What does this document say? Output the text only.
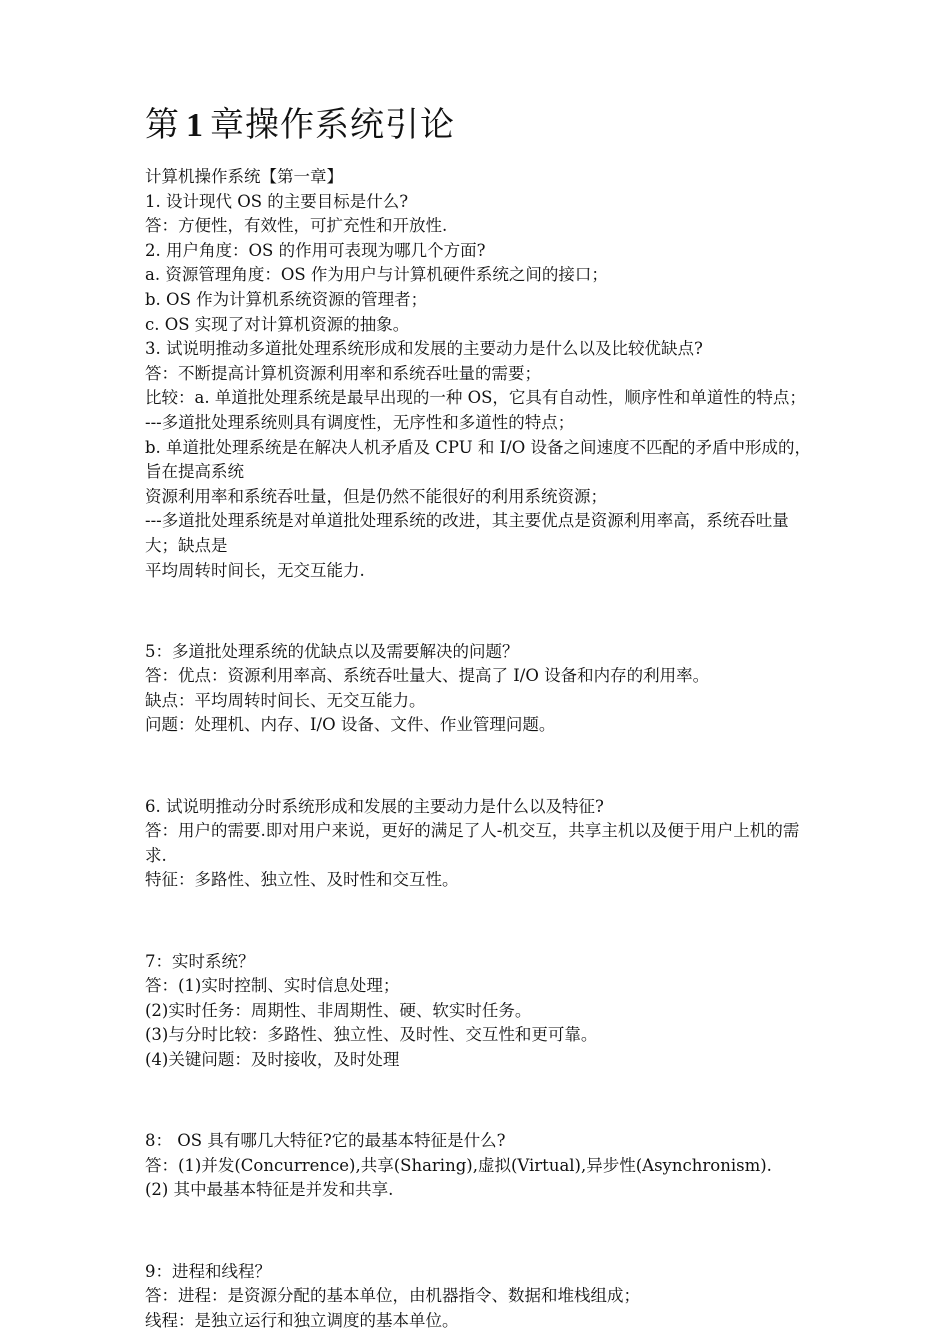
第 1 章操作系统引论

计算机操作系统【第一章】

1. 设计现代 OS 的主要目标是什么?

答：方便性，有效性，可扩充性和开放性.

2. 用户角度：OS 的作用可表现为哪几个方面?

a. 资源管理角度：OS 作为用户与计算机硬件系统之间的接口；

b. OS 作为计算机系统资源的管理者；

c. OS 实现了对计算机资源的抽象。

3. 试说明推动多道批处理系统形成和发展的主要动力是什么以及比较优缺点?

答：不断提高计算机资源利用率和系统吞吐量的需要；

比较：a. 单道批处理系统是最早出现的一种 OS，它具有自动性，顺序性和单道性的特点；

---多道批处理系统则具有调度性，无序性和多道性的特点；

b. 单道批处理系统是在解决人机矛盾及 CPU 和 I/O 设备之间速度不匹配的矛盾中形成的，旨在提高系统

资源利用率和系统吞吐量，但是仍然不能很好的利用系统资源；

---多道批处理系统是对单道批处理系统的改进，其主要优点是资源利用率高，系统吞吐量大；缺点是

平均周转时间长，无交互能力.

5：多道批处理系统的优缺点以及需要解决的问题？

答：优点：资源利用率高、系统吞吐量大、提高了 I/O 设备和内存的利用率。

缺点：平均周转时间长、无交互能力。

问题：处理机、内存、I/O 设备、文件、作业管理问题。

6. 试说明推动分时系统形成和发展的主要动力是什么以及特征?

答：用户的需要.即对用户来说，更好的满足了人-机交互，共享主机以及便于用户上机的需求.

特征：多路性、独立性、及时性和交互性。

7：实时系统？

答：(1)实时控制、实时信息处理；

(2)实时任务：周期性、非周期性、硬、软实时任务。

(3)与分时比较：多路性、独立性、及时性、交互性和更可靠。

(4)关键问题：及时接收，及时处理

8： OS 具有哪几大特征?它的最基本特征是什么?

答：(1)并发(Concurrence),共享(Sharing),虚拟(Virtual),异步性(Asynchronism).

(2) 其中最基本特征是并发和共享.

9：进程和线程？

答：进程：是资源分配的基本单位，由机器指令、数据和堆栈组成；

线程：是独立运行和独立调度的基本单位。
